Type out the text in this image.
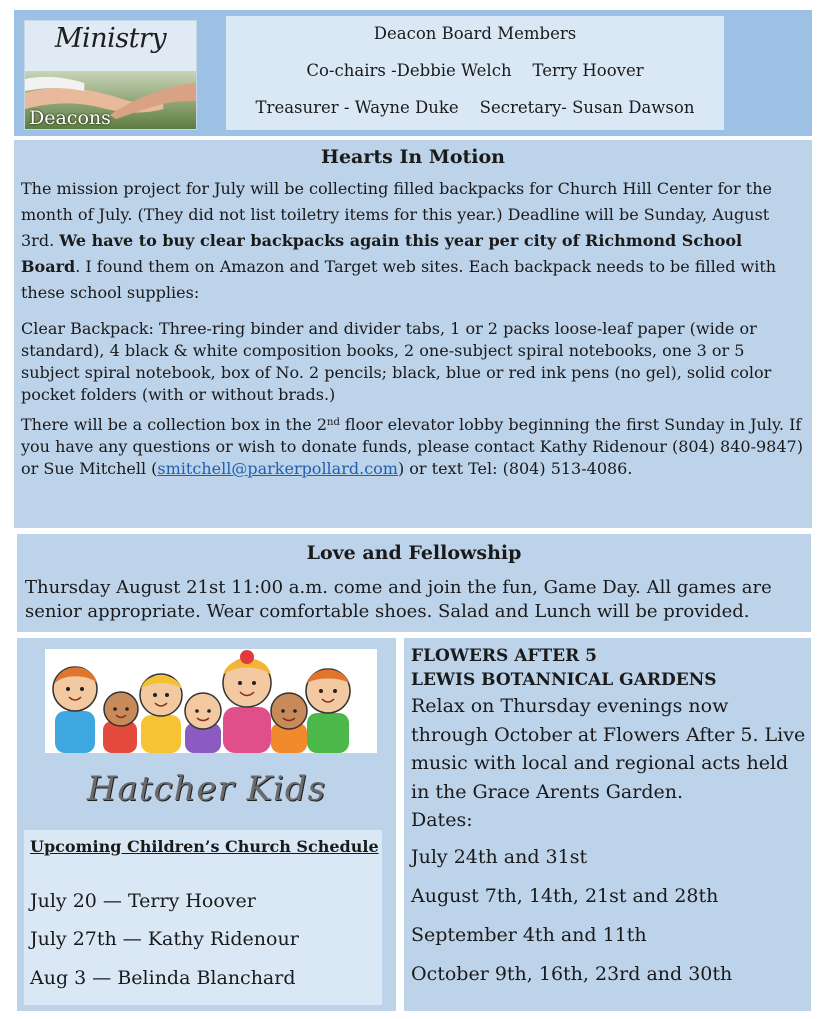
Ministry
Deacons
Deacon Board Members
Co-chairs -Debbie Welch    Terry Hoover
Treasurer - Wayne Duke    Secretary- Susan Dawson
Hearts In Motion
The mission project for July will be collecting filled backpacks for Church Hill Center for the month of July. (They did not list toiletry items for this year.) Deadline will be Sunday, August 3rd. We have to buy clear backpacks again this year per city of Richmond School Board. I found them on Amazon and Target web sites. Each backpack needs to be filled with these school supplies:
Clear Backpack: Three-ring binder and divider tabs, 1 or 2 packs loose-leaf paper (wide or standard), 4 black & white composition books, 2 one-subject spiral notebooks, one 3 or 5 subject spiral notebook, box of No. 2 pencils; black, blue or red ink pens (no gel), solid color pocket folders (with or without brads.)
There will be a collection box in the 2nd floor elevator lobby beginning the first Sunday in July. If you have any questions or wish to donate funds, please contact Kathy Ridenour (804) 840-9847) or Sue Mitchell (smitchell@parkerpollard.com) or text Tel: (804) 513-4086.
Love and Fellowship
Thursday August 21st 11:00 a.m. come and join the fun, Game Day. All games are senior appropriate. Wear comfortable shoes. Salad and Lunch will be provided.
Hatcher Kids
Upcoming Children’s Church Schedule
July 20 — Terry Hoover
July 27th — Kathy Ridenour
Aug 3 — Belinda Blanchard
FLOWERS AFTER 5
LEWIS BOTANNICAL GARDENS
Relax on Thursday evenings now through October at Flowers After 5. Live music with local and regional acts held in the Grace Arents Garden.
Dates:
July 24th and 31st
August 7th, 14th, 21st and 28th
September 4th and 11th
October 9th, 16th, 23rd and 30th
